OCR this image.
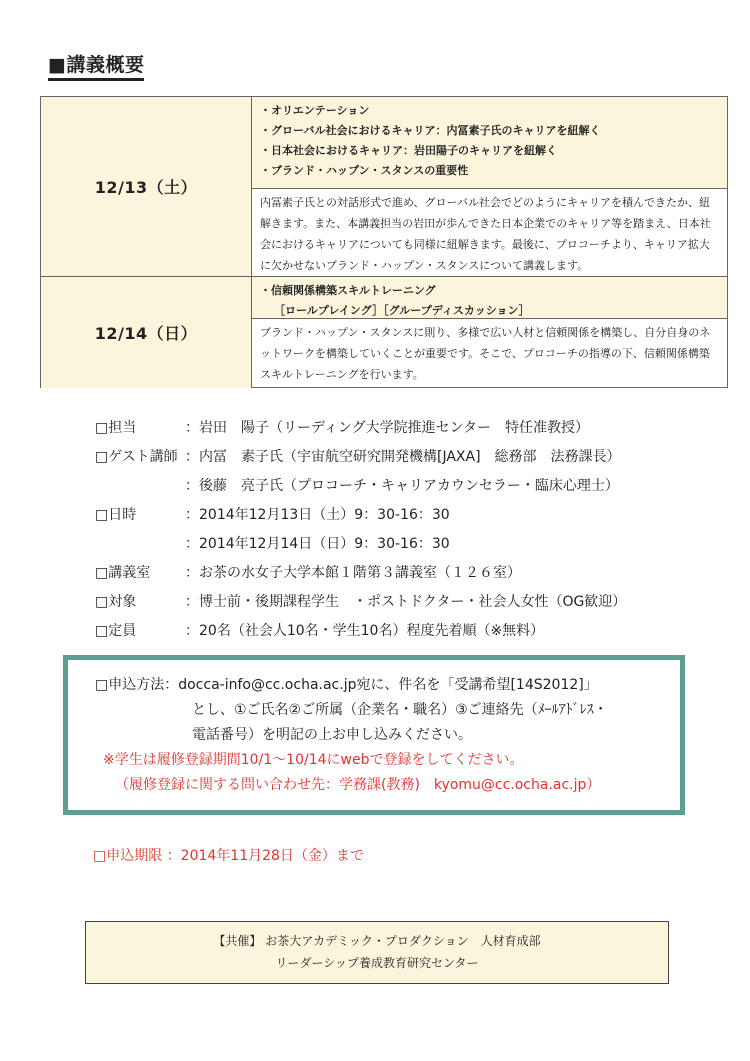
■講義概要
12/13（土）
・オリエンテーション
・グローバル社会におけるキャリア：内冨素子氏のキャリアを紐解く
・日本社会におけるキャリア：岩田陽子のキャリアを紐解く
・ブランド・ハップン・スタンスの重要性
内冨素子氏との対話形式で進め、グローバル社会でどのようにキャリアを積んできたか、紐解きます。また、本講義担当の岩田が歩んできた日本企業でのキャリア等を踏まえ、日本社会におけるキャリアについても同様に紐解きます。最後に、プロコーチより、キャリア拡大に欠かせないブランド・ハップン・スタンスについて講義します。
12/14（日）
・信頼関係構築スキルトレーニング
［ロールプレイング］［グループディスカッション］
ブランド・ハップン・スタンスに則り、多様で広い人材と信頼関係を構築し、自分自身のネットワークを構築していくことが重要です。そこで、プロコーチの指導の下、信頼関係構築スキルトレーニングを行います。
□担当	：岩田　陽子（リーディング大学院推進センター　特任准教授）
□ゲスト講師 ：内冨　素子氏（宇宙航空研究開発機構[JAXA]　総務部　法務課長）
：後藤　亮子氏（プロコーチ・キャリアカウンセラー・臨床心理士）
□日時	：2014年12月13日（土）9：30-16：30
：2014年12月14日（日）9：30-16：30
□講義室 ：お茶の水女子大学本館１階第３講義室（１２６室）
□対象	：博士前・後期課程学生　・ポストドクター・社会人女性（OG歓迎）
□定員	：20名（社会人10名・学生10名）程度先着順（※無料）
□申込方法：docca-info@cc.ocha.ac.jp宛に、件名を「受講希望[14S2012]」
とし、①ご氏名②ご所属（企業名・職名）③ご連絡先（ﾒｰﾙｱﾄﾞﾚｽ・
電話番号）を明記の上お申し込みください。
※学生は履修登録期間10/1～10/14にwebで登録をしてください。
（履修登録に関する問い合わせ先：学務課(教務)　kyomu@cc.ocha.ac.jp）
□申込期限 ：2014年11月28日（金）まで
【共催】 お茶大アカデミック・プロダクション　人材育成部
リーダーシップ養成教育研究センター
